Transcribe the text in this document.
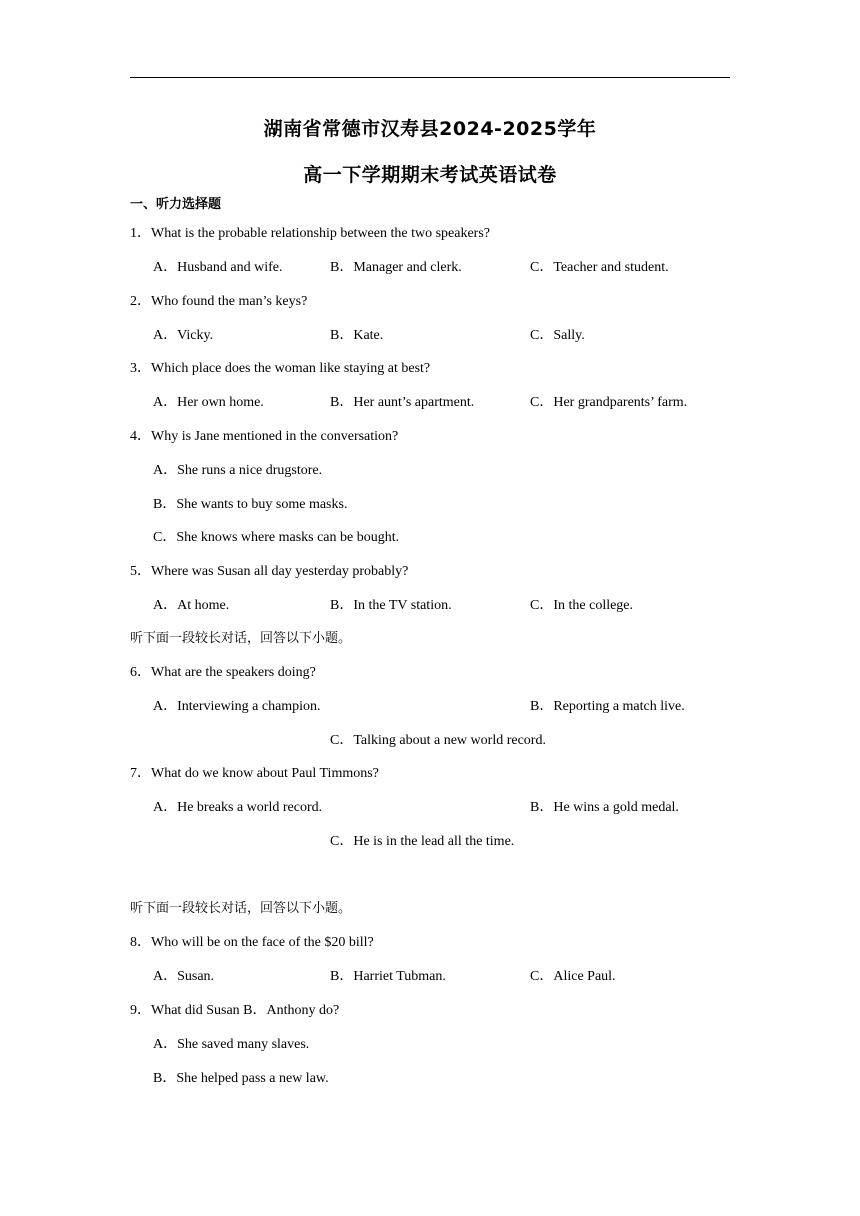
湖南省常德市汉寿县2024-2025学年
高一下学期期末考试英语试卷
一、听力选择题
1．What is the probable relationship between the two speakers?
A．Husband and wife.	B．Manager and clerk.	C．Teacher and student.
2．Who found the man’s keys?
A．Vicky.	B．Kate.	C．Sally.
3．Which place does the woman like staying at best?
A．Her own home.	B．Her aunt’s apartment.	C．Her grandparents’ farm.
4．Why is Jane mentioned in the conversation?
A．She runs a nice drugstore.
B．She wants to buy some masks.
C．She knows where masks can be bought.
5．Where was Susan all day yesterday probably?
A．At home.	B．In the TV station.	C．In the college.
听下面一段较长对话，回答以下小题。
6．What are the speakers doing?
A．Interviewing a champion.	B．Reporting a match live.
C．Talking about a new world record.
7．What do we know about Paul Timmons?
A．He breaks a world record.	B．He wins a gold medal.
C．He is in the lead all the time.
听下面一段较长对话，回答以下小题。
8．Who will be on the face of the $20 bill?
A．Susan.	B．Harriet Tubman.	C．Alice Paul.
9．What did Susan B．Anthony do?
A．She saved many slaves.
B．She helped pass a new law.
